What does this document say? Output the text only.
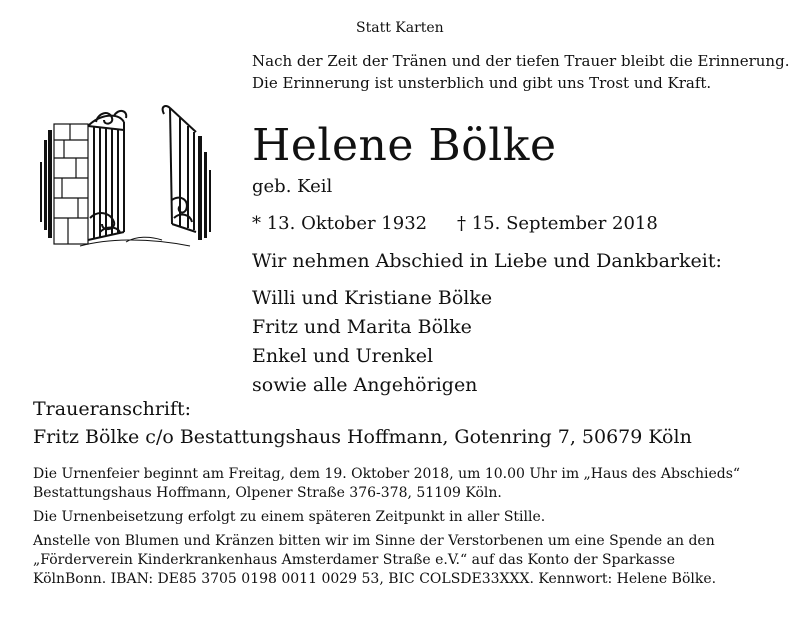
Statt Karten
Nach der Zeit der Tränen und der tiefen Trauer bleibt die Erinnerung.
Die Erinnerung ist unsterblich und gibt uns Trost und Kraft.
Helene Bölke
geb. Keil
* 13. Oktober 1932 † 15. September 2018
Wir nehmen Abschied in Liebe und Dankbarkeit:
Willi und Kristiane Bölke
Fritz und Marita Bölke
Enkel und Urenkel
sowie alle Angehörigen
Traueranschrift:
Fritz Bölke c/o Bestattungshaus Hoffmann, Gotenring 7, 50679 Köln
Die Urnenfeier beginnt am Freitag, dem 19. Oktober 2018, um 10.00 Uhr im „Haus des Abschieds“
Bestattungshaus Hoffmann, Olpener Straße 376-378, 51109 Köln.
Die Urnenbeisetzung erfolgt zu einem späteren Zeitpunkt in aller Stille.
Anstelle von Blumen und Kränzen bitten wir im Sinne der Verstorbenen um eine Spende an den
„Förderverein Kinderkrankenhaus Amsterdamer Straße e.V.“ auf das Konto der Sparkasse
KölnBonn. IBAN: DE85 3705 0198 0011 0029 53, BIC COLSDE33XXX. Kennwort: Helene Bölke.
